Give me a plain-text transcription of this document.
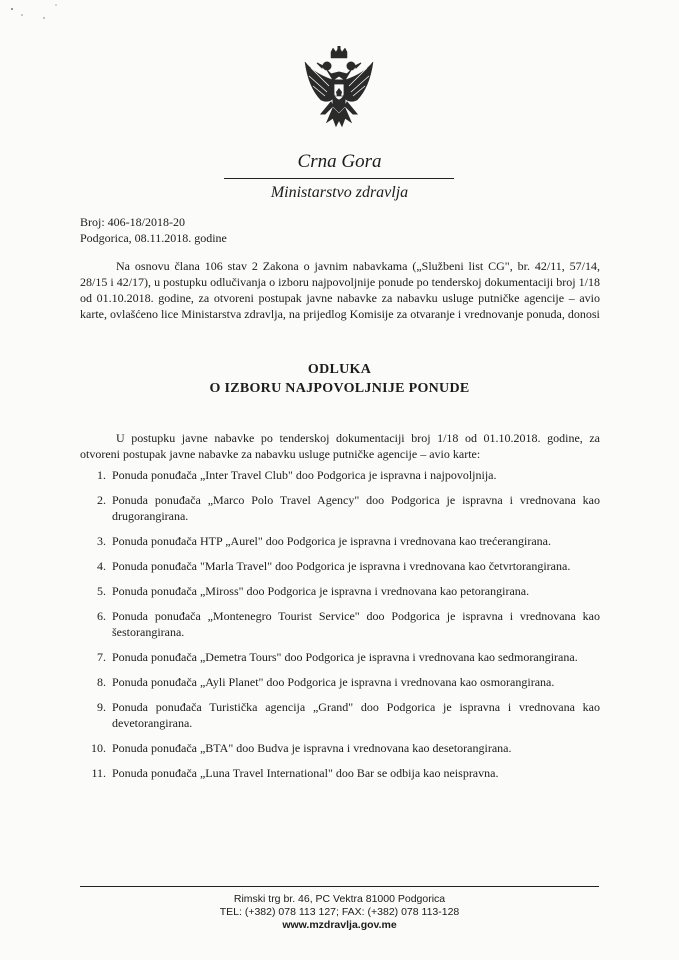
Crna Gora
Ministarstvo zdravlja
Broj: 406-18/2018-20
Podgorica, 08.11.2018. godine

Na osnovu člana 106 stav 2 Zakona o javnim nabavkama („Službeni list CG", br. 42/11, 57/14, 28/15 i 42/17), u postupku odlučivanja o izboru najpovoljnije ponude po tenderskoj dokumentaciji broj 1/18 od 01.10.2018. godine, za otvoreni postupak javne nabavke za nabavku usluge putničke agencije – avio karte, ovlašćeno lice Ministarstva zdravlja, na prijedlog Komisije za otvaranje i vrednovanje ponuda, donosi

ODLUKA
O IZBORU NAJPOVOLJNIJE PONUDE

U postupku javne nabavke po tenderskoj dokumentaciji broj 1/18 od 01.10.2018. godine, za otvoreni postupak javne nabavke za nabavku usluge putničke agencije – avio karte:

1. Ponuda ponuđača „Inter Travel Club" doo Podgorica je ispravna i najpovoljnija.
2. Ponuda ponuđača „Marco Polo Travel Agency" doo Podgorica je ispravna i vrednovana kao drugorangirana.
3. Ponuda ponuđača HTP „Aurel" doo Podgorica je ispravna i vrednovana kao trećerangirana.
4. Ponuda ponuđača "Marla Travel" doo Podgorica je ispravna i vrednovana kao četvrtorangirana.
5. Ponuda ponuđača „Miross" doo Podgorica je ispravna i vrednovana kao petorangirana.
6. Ponuda ponuđača „Montenegro Tourist Service" doo Podgorica je ispravna i vrednovana kao šestorangirana.
7. Ponuda ponuđača „Demetra Tours" doo Podgorica je ispravna i vrednovana kao sedmorangirana.
8. Ponuda ponuđača „Ayli Planet" doo Podgorica je ispravna i vrednovana kao osmorangirana.
9. Ponuda ponuđača Turistička agencija „Grand" doo Podgorica je ispravna i vrednovana kao devetorangirana.
10. Ponuda ponuđača „BTA" doo Budva je ispravna i vrednovana kao desetorangirana.
11. Ponuda ponuđača „Luna Travel International" doo Bar se odbija kao neispravna.
Rimski trg br. 46, PC Vektra 81000 Podgorica
TEL: (+382) 078 113 127; FAX: (+382) 078 113-128
www.mzdravlja.gov.me
